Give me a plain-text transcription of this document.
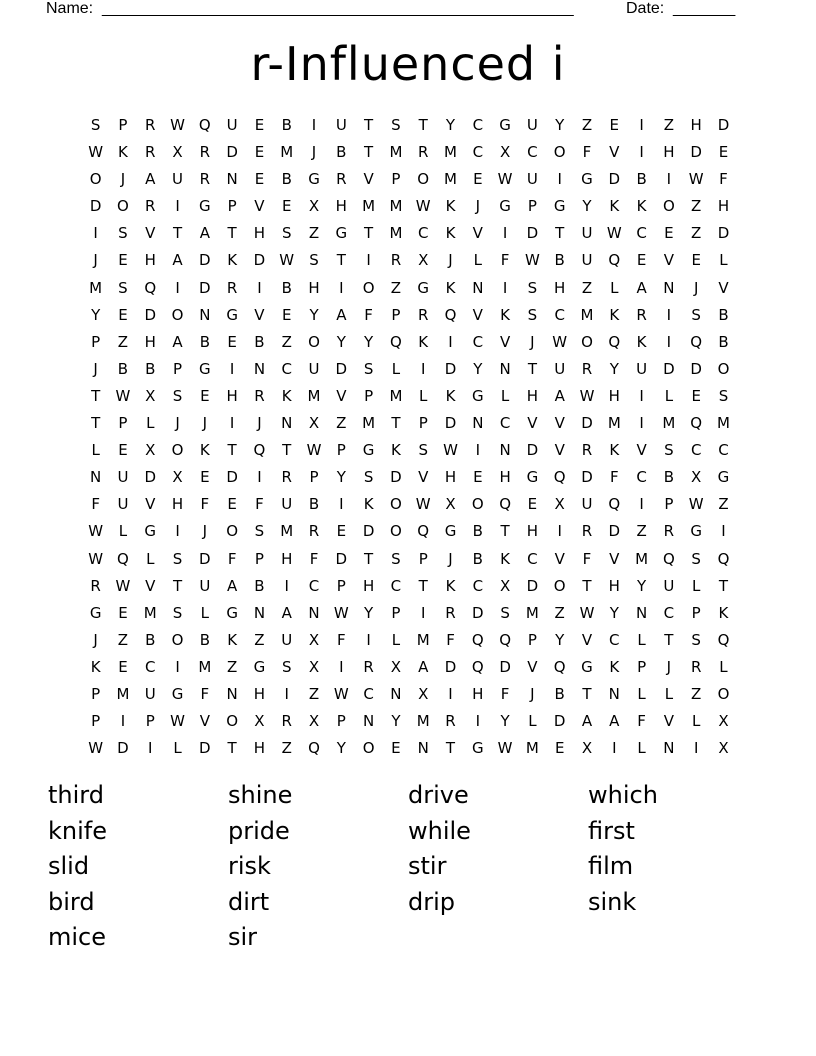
Name: _____________________________________________________	Date: _______
r-Influenced i
S	P	R W Q	U	E	B	I	U	T	S	T	Y	C	G	U	Y	Z	E	I	Z	H	D
W K	R	X	R	D	E	M	J	B	T	M	R	M	C	X	C	O	F	V	I	H	D	E
O	J	A	U	R	N	E	B	G	R	V	P	O M	E	W U	I	G	D	B	I	W	F
D	O	R	I	G	P	V	E	X	H	M M W K	J	G	P	G	Y	K	K	O	Z	H
I	S	V	T	A	T	H	S	Z	G	T	M	C	K	V	I	D	T	U W C	E	Z	D
J	E	H	A	D	K	D W	S	T	I	R	X	J	L	F	W B	U	Q	E	V	E	L
M	S	Q	I	D	R	I	B	H	I	O	Z	G	K	N	I	S	H	Z	L	A	N	J	V
Y	E	D	O	N	G	V	E	Y	A	F	P	R	Q	V	K	S	C	M	K	R	I	S	B
P	Z	H	A	B	E	B	Z	O	Y	Y	Q	K	I	C	V	J	W O	Q	K	I	Q	B
J	B	B	P	G	I	N	C	U	D	S	L	I	D	Y	N	T	U	R	Y	U	D	D	O
T	W X	S	E	H	R	K	M	V	P	M	L	K	G	L	H	A W H	I	L	E	S
T	P	L	J	J	I	J	N	X	Z	M	T	P	D	N	C	V	V	D	M	I	M Q M
L	E	X	O	K	T	Q	T	W	P	G	K	S	W	I	N	D	V	R	K	V	S	C	C
N	U	D	X	E	D	I	R	P	Y	S	D	V	H	E	H	G	Q	D	F	C	B	X	G
F	U	V	H	F	E	F	U	B	I	K	O W X	O	Q	E	X	U	Q	I	P	W Z
W	L	G	I	J	O	S	M	R	E	D	O	Q	G	B	T	H	I	R	D	Z	R	G	I
W Q	L	S	D	F	P	H	F	D	T	S	P	J	B	K	C	V	F	V	M Q	S	Q
R W V	T	U	A	B	I	C	P	H	C	T	K	C	X	D	O	T	H	Y	U	L	T
G	E	M	S	L	G	N	A	N W	Y	P	I	R	D	S	M	Z W	Y	N	C	P	K
J	Z	B	O	B	K	Z	U	X	F	I	L	M	F	Q	Q	P	Y	V	C	L	T	S	Q
K	E	C	I	M	Z	G	S	X	I	R	X	A	D	Q	D	V	Q	G	K	P	J	R	L
P	M	U	G	F	N	H	I	Z W C	N	X	I	H	F	J	B	T	N	L	L	Z	O
P	I	P	W V	O	X	R	X	P	N	Y	M	R	I	Y	L	D	A	A	F	V	L	X
W D	I	L	D	T	H	Z	Q	Y	O	E	N	T	G W M	E	X	I	L	N	I	X
third	shine	drive	which
knife	pride	while	first
slid	risk	stir	film
bird	dirt	drip	sink
mice	sir
